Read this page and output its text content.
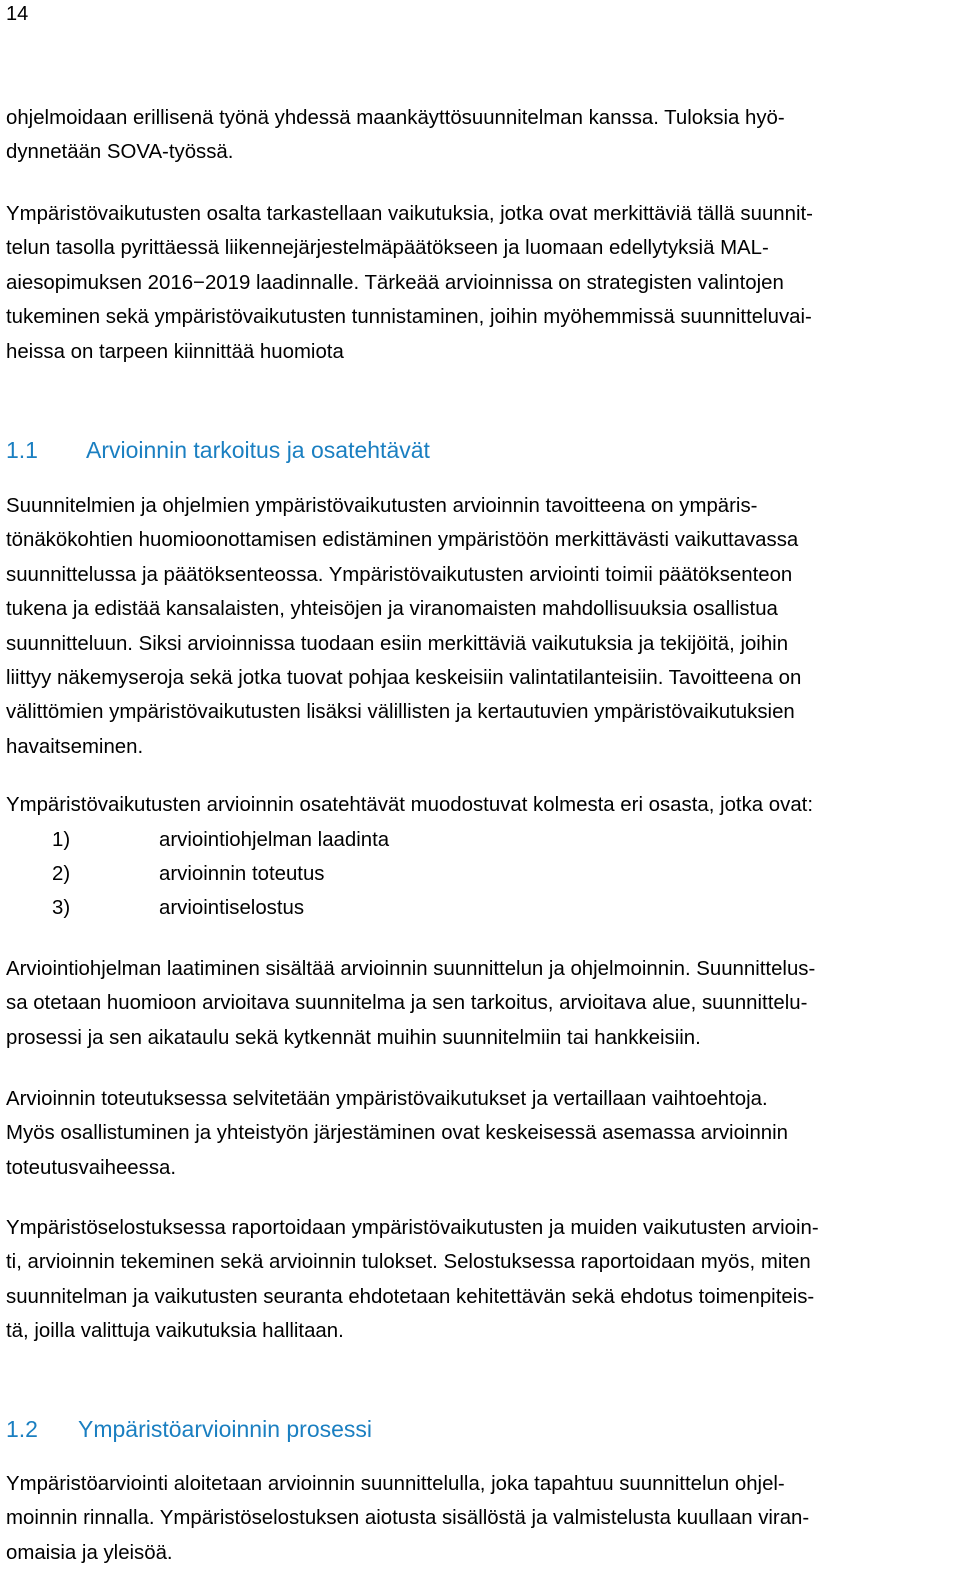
14

ohjelmoidaan erillisenä työnä yhdessä maankäyttösuunnitelman kanssa. Tuloksia hyö-
dynnetään SOVA-työssä.

Ympäristövaikutusten osalta tarkastellaan vaikutuksia, jotka ovat merkittäviä tällä suunnit-
telun tasolla pyrittäessä liikennejärjestelmäpäätökseen ja luomaan edellytyksiä MAL-
aiesopimuksen 2016−2019 laadinnalle. Tärkeää arvioinnissa on strategisten valintojen
tukeminen sekä ympäristövaikutusten tunnistaminen, joihin myöhemmissä suunnitteluvai-
heissa on tarpeen kiinnittää huomiota

1.1 Arvioinnin tarkoitus ja osatehtävät

Suunnitelmien ja ohjelmien ympäristövaikutusten arvioinnin tavoitteena on ympäris-
tönäkökohtien huomioonottamisen edistäminen ympäristöön merkittävästi vaikuttavassa
suunnittelussa ja päätöksenteossa. Ympäristövaikutusten arviointi toimii päätöksenteon
tukena ja edistää kansalaisten, yhteisöjen ja viranomaisten mahdollisuuksia osallistua
suunnitteluun. Siksi arvioinnissa tuodaan esiin merkittäviä vaikutuksia ja tekijöitä, joihin
liittyy näkemyseroja sekä jotka tuovat pohjaa keskeisiin valintatilanteisiin. Tavoitteena on
välittömien ympäristövaikutusten lisäksi välillisten ja kertautuvien ympäristövaikutuksien
havaitseminen.

Ympäristövaikutusten arvioinnin osatehtävät muodostuvat kolmesta eri osasta, jotka ovat:

1)	arviointiohjelman laadinta
2)	arvioinnin toteutus
3)	arviointiselostus

Arviointiohjelman laatiminen sisältää arvioinnin suunnittelun ja ohjelmoinnin. Suunnittelus-
sa otetaan huomioon arvioitava suunnitelma ja sen tarkoitus, arvioitava alue, suunnittelu-
prosessi ja sen aikataulu sekä kytkennät muihin suunnitelmiin tai hankkeisiin.

Arvioinnin toteutuksessa selvitetään ympäristövaikutukset ja vertaillaan vaihtoehtoja.
Myös osallistuminen ja yhteistyön järjestäminen ovat keskeisessä asemassa arvioinnin
toteutusvaiheessa.

Ympäristöselostuksessa raportoidaan ympäristövaikutusten ja muiden vaikutusten arvioin-
ti, arvioinnin tekeminen sekä arvioinnin tulokset. Selostuksessa raportoidaan myös, miten
suunnitelman ja vaikutusten seuranta ehdotetaan kehitettävän sekä ehdotus toimenpiteis-
tä, joilla valittuja vaikutuksia hallitaan.

1.2 Ympäristöarvioinnin prosessi

Ympäristöarviointi aloitetaan arvioinnin suunnittelulla, joka tapahtuu suunnittelun ohjel-
moinnin rinnalla. Ympäristöselostuksen aiotusta sisällöstä ja valmistelusta kuullaan viran-
omaisia ja yleisöä.
